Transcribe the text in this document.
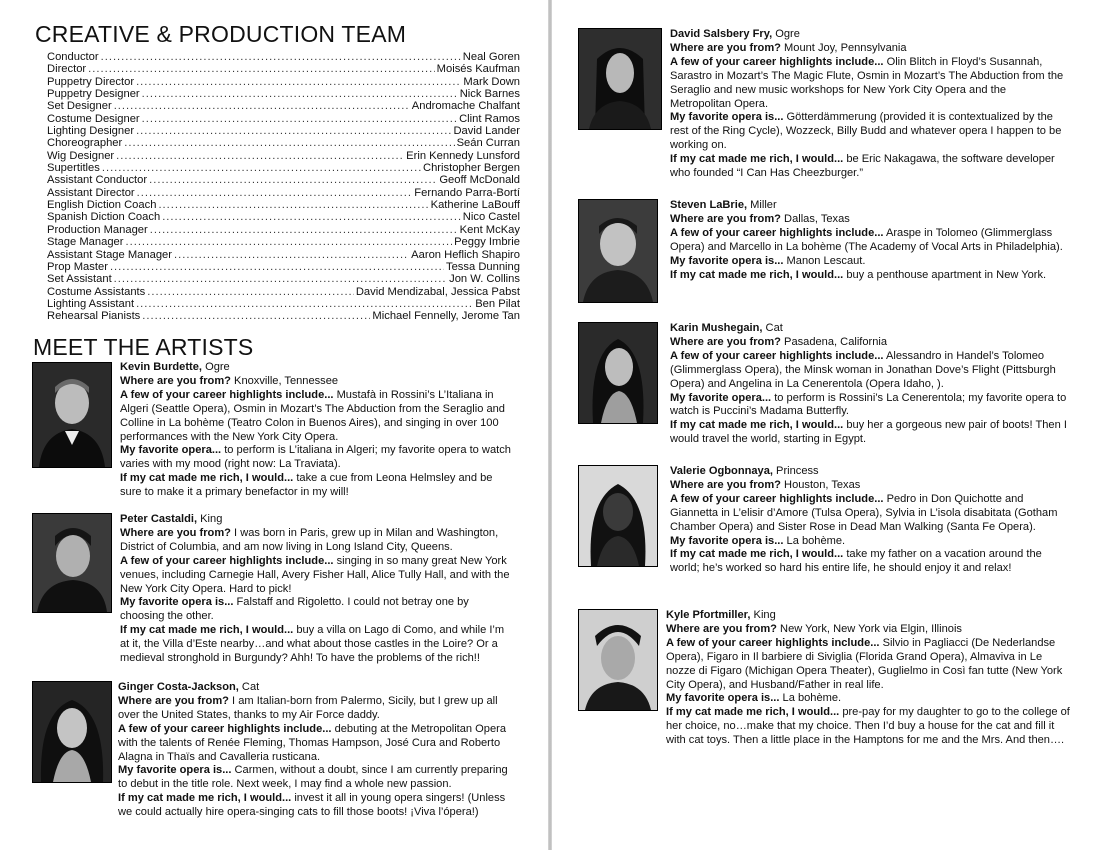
CREATIVE & PRODUCTION TEAM
Conductor .....	Neal Goren
Director .....	Moisés Kaufman
Puppetry Director .....	Mark Down
Puppetry Designer .....	Nick Barnes
Set Designer .....	Andromache Chalfant
Costume Designer .....	Clint Ramos
Lighting Designer .....	David Lander
Choreographer .....	Seán Curran
Wig Designer .....	Erin Kennedy Lunsford
Supertitles .....	Christopher Bergen
Assistant Conductor .....	Geoff McDonald
Assistant Director .....	Fernando Parra-Bortí
English Diction Coach .....	Katherine LaBouff
Spanish Diction Coach .....	Nico Castel
Production Manager .....	Kent McKay
Stage Manager .....	Peggy Imbrie
Assistant Stage Manager .....	Aaron Heflich Shapiro
Prop Master .....	Tessa Dunning
Set Assistant .....	Jon W. Collins
Costume Assistants .....	David Mendizabal, Jessica Pabst
Lighting Assistant .....	Ben Pilat
Rehearsal Pianists .....	Michael Fennelly, Jerome Tan
MEET THE ARTISTS

Kevin Burdette, Ogre

Where are you from? Knoxville, Tennessee

A few of your career highlights include... Mustafà in Rossini’s L’Italiana in Algeri (Seattle Opera), Osmin in Mozart’s The Abduction from the Seraglio and Colline in La bohème (Teatro Colon in Buenos Aires), and singing in over 100 performances with the New York City Opera.

My favorite opera... to perform is L’italiana in Algeri; my favorite opera to watch varies with my mood (right now: La Traviata).

If my cat made me rich, I would... take a cue from Leona Helmsley and be sure to make it a primary benefactor in my will!

Peter Castaldi, King

Where are you from? I was born in Paris, grew up in Milan and Washington, District of Columbia, and am now living in Long Island City, Queens.

A few of your career highlights include... singing in so many great New York venues, including Carnegie Hall, Avery Fisher Hall, Alice Tully Hall, and with the New York City Opera. Hard to pick!

My favorite opera is... Falstaff and Rigoletto. I could not betray one by choosing the other.

If my cat made me rich, I would... buy a villa on Lago di Como, and while I’m at it, the Villa d’Este nearby…and what about those castles in the Loire? Or a medieval stronghold in Burgundy? Ahh! To have the problems of the rich!!

Ginger Costa-Jackson, Cat

Where are you from? I am Italian-born from Palermo, Sicily, but I grew up all over the United States, thanks to my Air Force daddy.

A few of your career highlights include... debuting at the Metropolitan Opera with the talents of Renée Fleming, Thomas Hampson, José Cura and Roberto Alagna in Thaïs and Cavalleria rusticana.

My favorite opera is... Carmen, without a doubt, since I am currently preparing to debut in the title role. Next week, I may find a whole new passion.

If my cat made me rich, I would... invest it all in young opera singers! (Unless we could actually hire opera-singing cats to fill those boots! ¡Viva l’ópera!)

David Salsbery Fry, Ogre

Where are you from? Mount Joy, Pennsylvania

A few of your career highlights include... Olin Blitch in Floyd’s Susannah, Sarastro in Mozart’s The Magic Flute, Osmin in Mozart’s The Abduction from the Seraglio and new music workshops for New York City Opera and the Metropolitan Opera.

My favorite opera is... Götterdämmerung (provided it is contextualized by the rest of the Ring Cycle), Wozzeck, Billy Budd and whatever opera I happen to be working on.

If my cat made me rich, I would... be Eric Nakagawa, the software developer who founded “I Can Has Cheezburger.”

Steven LaBrie, Miller

Where are you from? Dallas, Texas

A few of your career highlights include... Araspe in Tolomeo (Glimmerglass Opera) and Marcello in La bohème (The Academy of Vocal Arts in Philadelphia).

My favorite opera is... Manon Lescaut.

If my cat made me rich, I would... buy a penthouse apartment in New York.

Karin Mushegain, Cat

Where are you from? Pasadena, California

A few of your career highlights include... Alessandro in Handel’s Tolomeo (Glimmerglass Opera), the Minsk woman in Jonathan Dove’s Flight (Pittsburgh Opera) and Angelina in La Cenerentola (Opera Idaho, ).

My favorite opera... to perform is Rossini’s La Cenerentola; my favorite opera to watch is Puccini’s Madama Butterfly.

If my cat made me rich, I would... buy her a gorgeous new pair of boots! Then I would travel the world, starting in Egypt.

Valerie Ogbonnaya, Princess

Where are you from? Houston, Texas

A few of your career highlights include... Pedro in Don Quichotte and Giannetta in L’elisir d’Amore (Tulsa Opera), Sylvia in L’isola disabitata (Gotham Chamber Opera) and Sister Rose in Dead Man Walking (Santa Fe Opera).

My favorite opera is... La bohème.

If my cat made me rich, I would... take my father on a vacation around the world; he’s worked so hard his entire life, he should enjoy it and relax!

Kyle Pfortmiller, King

Where are you from? New York, New York via Elgin, Illinois

A few of your career highlights include... Silvio in Pagliacci (De Nederlandse Opera), Figaro in Il barbiere di Siviglia (Florida Grand Opera), Almaviva in Le nozze di Figaro (Michigan Opera Theater), Guglielmo in Così fan tutte (New York City Opera), and Husband/Father in real life.

My favorite opera is... La bohème.

If my cat made me rich, I would... pre-pay for my daughter to go to the college of her choice, no…make that my choice. Then I’d buy a house for the cat and fill it with cat toys. Then a little place in the Hamptons for me and the Mrs. And then….
